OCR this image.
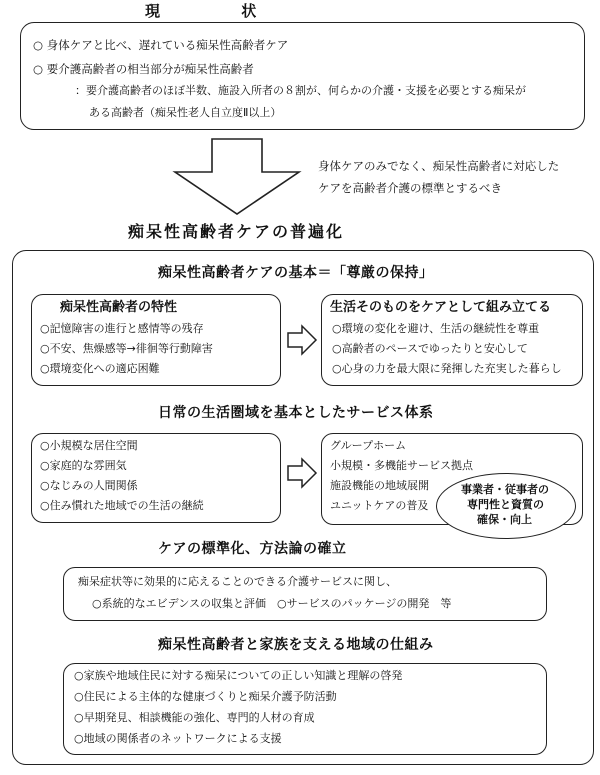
現 状
○ 身体ケアと比べ、遅れている痴呆性高齢者ケア
○ 要介護高齢者の相当部分が痴呆性高齢者
：要介護高齢者のほぼ半数、施設入所者の８割が、何らかの介護・支援を必要とする痴呆が
ある高齢者（痴呆性老人自立度Ⅱ以上）
身体ケアのみでなく、痴呆性高齢者に対応した
ケアを高齢者介護の標準とするべき
痴呆性高齢者ケアの普遍化
痴呆性高齢者ケアの基本＝「尊厳の保持」
痴呆性高齢者の特性
○記憶障害の進行と感情等の残存
○不安、焦燥感等→徘徊等行動障害
○環境変化への適応困難
生活そのものをケアとして組み立てる
○環境の変化を避け、生活の継続性を尊重
○高齢者のペースでゆったりと安心して
○心身の力を最大限に発揮した充実した暮らし
日常の生活圏域を基本としたサービス体系
○小規模な居住空間
○家庭的な雰囲気
○なじみの人間関係
○住み慣れた地域での生活の継続
グループホーム
小規模・多機能サービス拠点
施設機能の地域展開
ユニットケアの普及
事業者・従事者の
専門性と資質の
確保・向上
ケアの標準化、方法論の確立
痴呆症状等に効果的に応えることのできる介護サービスに関し、
○系統的なエビデンスの収集と評価　○サービスのパッケージの開発　等
痴呆性高齢者と家族を支える地域の仕組み
○家族や地域住民に対する痴呆についての正しい知識と理解の啓発
○住民による主体的な健康づくりと痴呆介護予防活動
○早期発見、相談機能の強化、専門的人材の育成
○地域の関係者のネットワークによる支援
